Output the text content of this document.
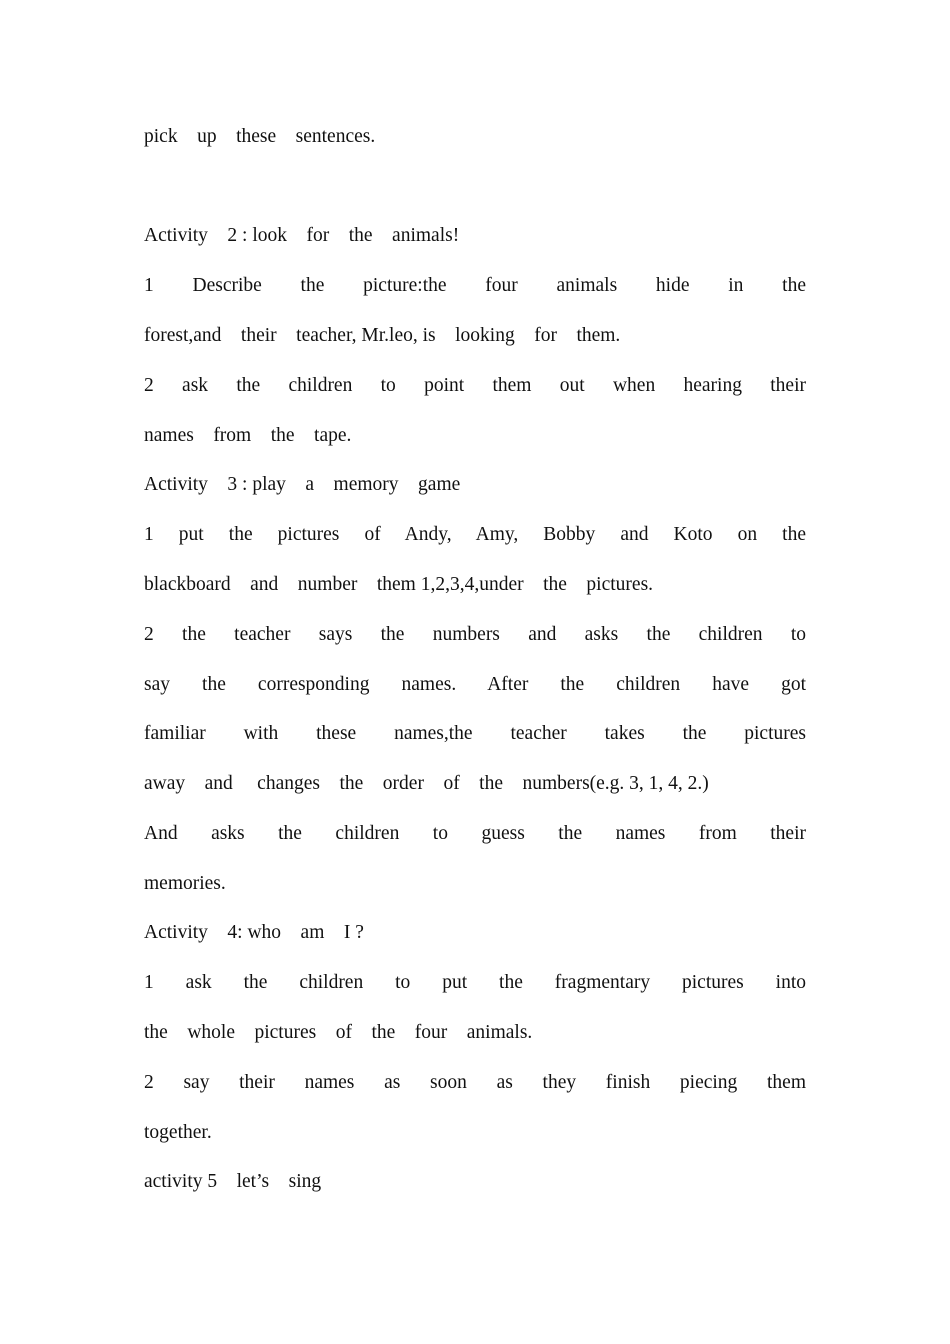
pick    up    these    sentences.
Activity    2 : look    for    the    animals!
1 Describe the picture:the four animals hide in the
forest,and    their    teacher, Mr.leo, is    looking    for    them.
2 ask the children to point them out when hearing their
names    from    the    tape.
Activity    3 : play    a    memory    game
1 put the pictures of Andy, Amy, Bobby and Koto on the
blackboard    and    number    them 1,2,3,4,under    the    pictures.
2 the teacher says the numbers and asks the children to
say the corresponding names. After the children have got
familiar with these names,the teacher takes the pictures
away    and     changes    the    order    of    the    numbers(e.g. 3, 1, 4, 2.)
And asks the children to guess the names from their
memories.
Activity    4: who    am    I ?
1 ask the children to put the fragmentary pictures into
the    whole    pictures    of    the    four    animals.
2 say their names as soon as they finish piecing them
together.
activity 5    let’s    sing
